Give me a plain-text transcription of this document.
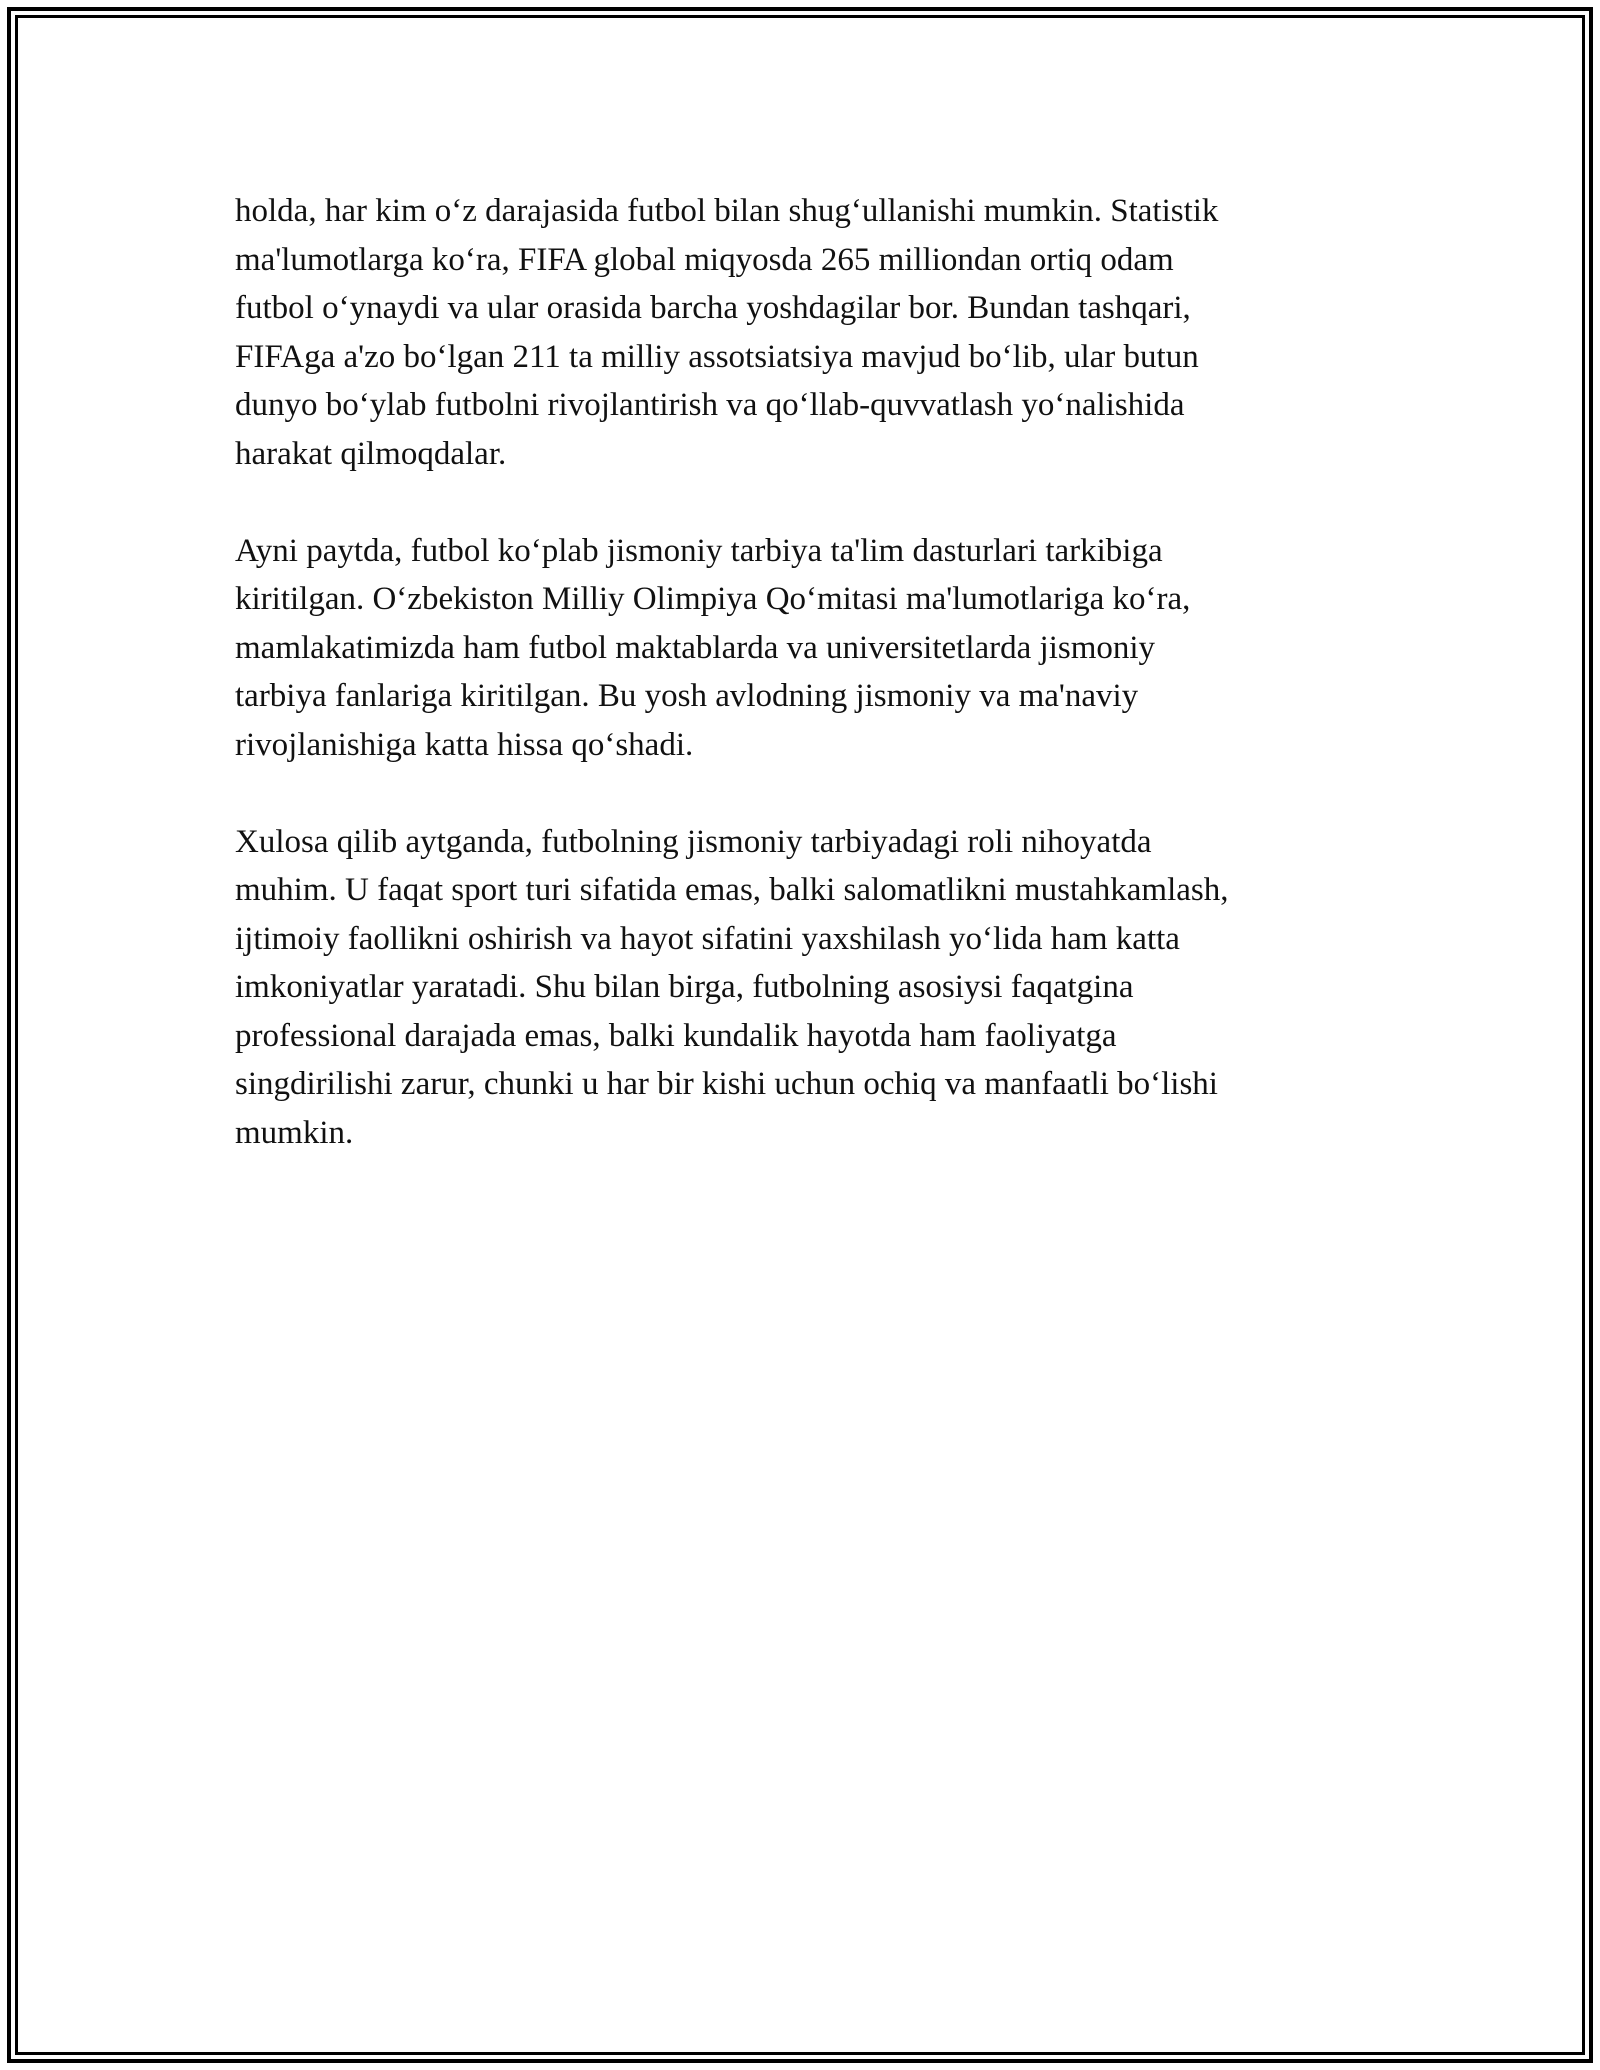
holda, har kim o‘z darajasida futbol bilan shug‘ullanishi mumkin. Statistik
ma'lumotlarga ko‘ra, FIFA global miqyosda 265 milliondan ortiq odam
futbol o‘ynaydi va ular orasida barcha yoshdagilar bor. Bundan tashqari,
FIFAga a'zo bo‘lgan 211 ta milliy assotsiatsiya mavjud bo‘lib, ular butun
dunyo bo‘ylab futbolni rivojlantirish va qo‘llab-quvvatlash yo‘nalishida
harakat qilmoqdalar.

Ayni paytda, futbol ko‘plab jismoniy tarbiya ta'lim dasturlari tarkibiga
kiritilgan. O‘zbekiston Milliy Olimpiya Qo‘mitasi ma'lumotlariga ko‘ra,
mamlakatimizda ham futbol maktablarda va universitetlarda jismoniy
tarbiya fanlariga kiritilgan. Bu yosh avlodning jismoniy va ma'naviy
rivojlanishiga katta hissa qo‘shadi.

Xulosa qilib aytganda, futbolning jismoniy tarbiyadagi roli nihoyatda
muhim. U faqat sport turi sifatida emas, balki salomatlikni mustahkamlash,
ijtimoiy faollikni oshirish va hayot sifatini yaxshilash yo‘lida ham katta
imkoniyatlar yaratadi. Shu bilan birga, futbolning asosiysi faqatgina
professional darajada emas, balki kundalik hayotda ham faoliyatga
singdirilishi zarur, chunki u har bir kishi uchun ochiq va manfaatli bo‘lishi
mumkin.
